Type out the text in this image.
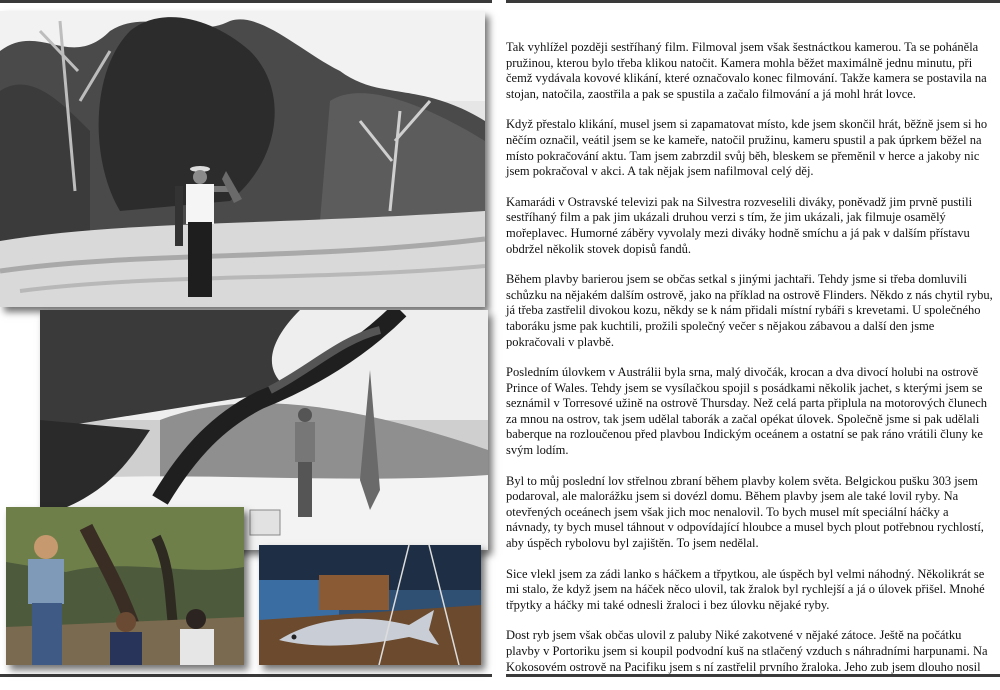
Tak vyhlížel později sestříhaný film. Filmoval jsem však šestnáctkou kamerou. Ta se poháněla pružinou, kterou bylo třeba klikou natočit. Kamera mohla běžet maximálně jednu minutu, při čemž vydávala kovové klikání, které označovalo konec filmování. Takže kamera se postavila na stojan, natočila, zaostřila a pak se spustila a začalo filmování a já mohl hrát lovce.

Když přestalo klikání, musel jsem si zapamatovat místo, kde jsem skončil hrát, běžně jsem si ho něčím označil, veátil jsem se ke kameře, natočil pružinu, kameru spustil a pak úprkem běžel na místo pokračování aktu. Tam jsem zabrzdil svůj běh, bleskem se přeměnil v herce a jakoby nic jsem pokračoval v akci. A tak nějak jsem nafilmoval celý děj.

Kamarádi v Ostravské televizi pak na Silvestra rozveselili diváky, poněvadž jim prvně pustili sestříhaný film a pak jim ukázali druhou verzi s tím, že jim ukázali, jak filmuje osamělý mořeplavec. Humorné záběry vyvolaly mezi diváky hodně smíchu a já pak v dalším přístavu obdržel několik stovek dopisů fandů.

Během plavby barierou jsem se občas setkal s jinými jachtaři. Tehdy jsme si třeba domluvili schůzku na nějakém dalším ostrově, jako na příklad na ostrově Flinders. Někdo z nás chytil rybu, já třeba zastřelil divokou kozu, někdy se k nám přidali místní rybáři s krevetami. U společného taboráku jsme pak kuchtili, prožili společný večer s nějakou zábavou a další den jsme pokračovali v plavbě.

Posledním úlovkem v Austrálii byla srna, malý divočák, krocan a dva divocí holubi na ostrově Prince of Wales. Tehdy jsem se vysílačkou spojil s posádkami několik jachet, s kterými jsem se seznámil v Torresové užině na ostrově Thursday. Než celá parta připlula na motorových člunech za mnou na ostrov, tak jsem udělal taborák a začal opékat úlovek. Společně jsme si pak udělali baberque na rozloučenou před plavbou Indickým oceánem a ostatní se pak ráno vrátili čluny ke svým lodím.

Byl to můj poslední lov střelnou zbraní během plavby kolem světa. Belgickou pušku 303 jsem podaroval, ale malorážku jsem si dovézl domu. Během plavby jsem ale také lovil ryby. Na otevřených oceánech jsem však jich moc nenalovil. To bych musel mít speciální háčky a návnady, ty bych musel táhnout v odpovídající hloubce a musel bych plout potřebnou rychlostí, aby úspěch rybolovu byl zajištěn. To jsem nedělal.

Sice vlekl jsem za zádi lanko s háčkem a třpytkou, ale úspěch byl velmi náhodný. Několikrát se mi stalo, že když jsem na háček něco ulovil, tak žralok byl rychlejší a já o úlovek přišel. Mnohé třpytky a háčky mi také odnesli žraloci i bez úlovku nějaké ryby.

Dost ryb jsem však občas ulovil z paluby Niké zakotvené v nějaké zátoce. Ještě na počátku plavby v Portoriku jsem si koupil podvodní kuš na stlačený vzduch s náhradními harpunami. Na Kokosovém ostrově na Pacifiku jsem s ní zastřelil prvního žraloka. Jeho zub jsem dlouho nosil
